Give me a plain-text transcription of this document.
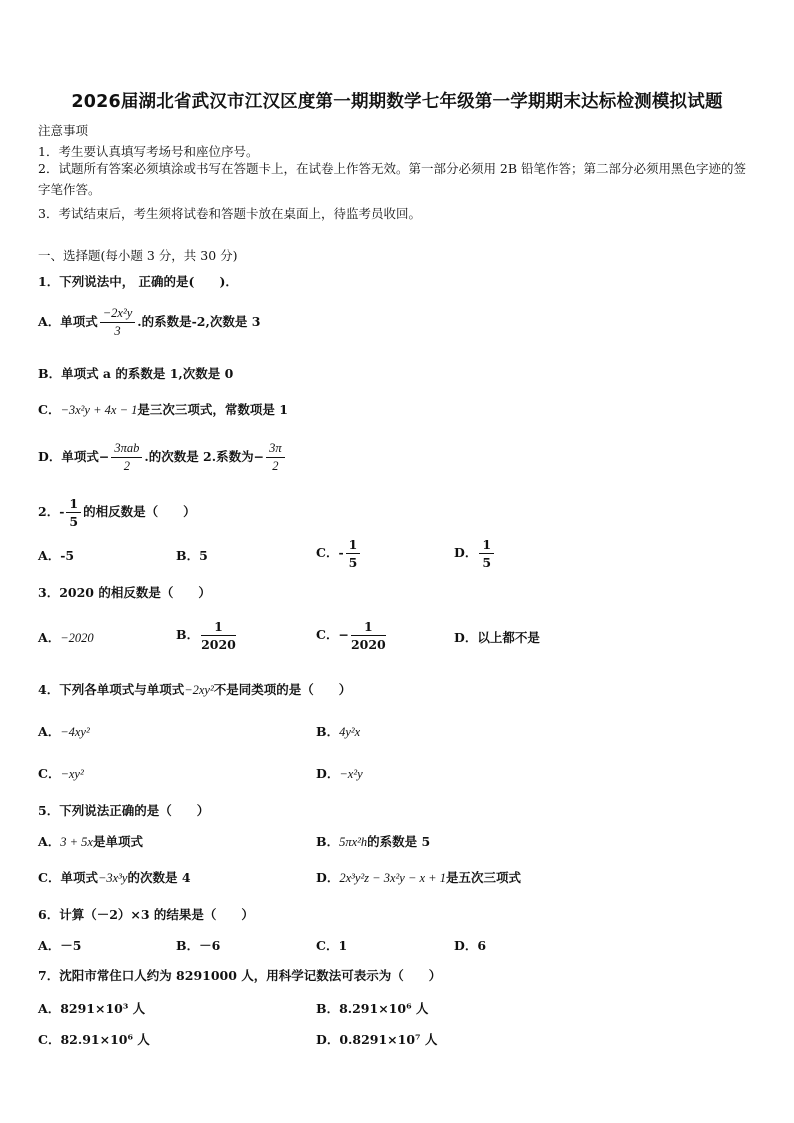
2026届湖北省武汉市江汉区度第一期期数学七年级第一学期期末达标检测模拟试题
注意事项
1．考生要认真填写考场号和座位序号。
2．试题所有答案必须填涂或书写在答题卡上，在试卷上作答无效。第一部分必须用 2B 铅笔作答；第二部分必须用黑色字迹的签字笔作答。
3．考试结束后，考生须将试卷和答题卡放在桌面上，待监考员收回。
一、选择题(每小题 3 分，共 30 分)
1．下列说法中， 正确的是(　　)．
A．单项式 $\frac{\text{−2x²y}}{3}$ .的系数是-2,次数是 3
B．单项式 a 的系数是 1,次数是 0
C．−3x²y + 4x − 1是三次三项式，常数项是 1
D．单项式− $\frac{\text{3πab}}{2}$ .的次数是 2.系数为− $\frac{3\pi}{2}$
2．- $\frac{1}{5}$ 的相反数是（　　）
A．-5	B．5	C．- $\frac{1}{5}$	D． $\frac{1}{5}$
3．2020 的相反数是（　　）
A．−2020	B． $\frac{1}{2020}$	C．− $\frac{1}{2020}$	D．以上都不是
4．下列各单项式与单项式−2xy²不是同类项的是（　　）
A．−4xy²	B．4y²x
C．−xy²	D．−x²y
5．下列说法正确的是（　　）
A．3 + 5x是单项式	B．5πx²h的系数是 5
C．单项式−3x³y的次数是 4	D．2x³y²z − 3x²y − x + 1是五次三项式
6．计算（－2）×3 的结果是（　　）
A．－5	B．－6	C．1	D．6
7．沈阳市常住口人约为 8291000 人，用科学记数法可表示为（　　）
A．8291×10³ 人	B．8.291×10⁶ 人
C．82.91×10⁶ 人	D．0.8291×10⁷ 人
